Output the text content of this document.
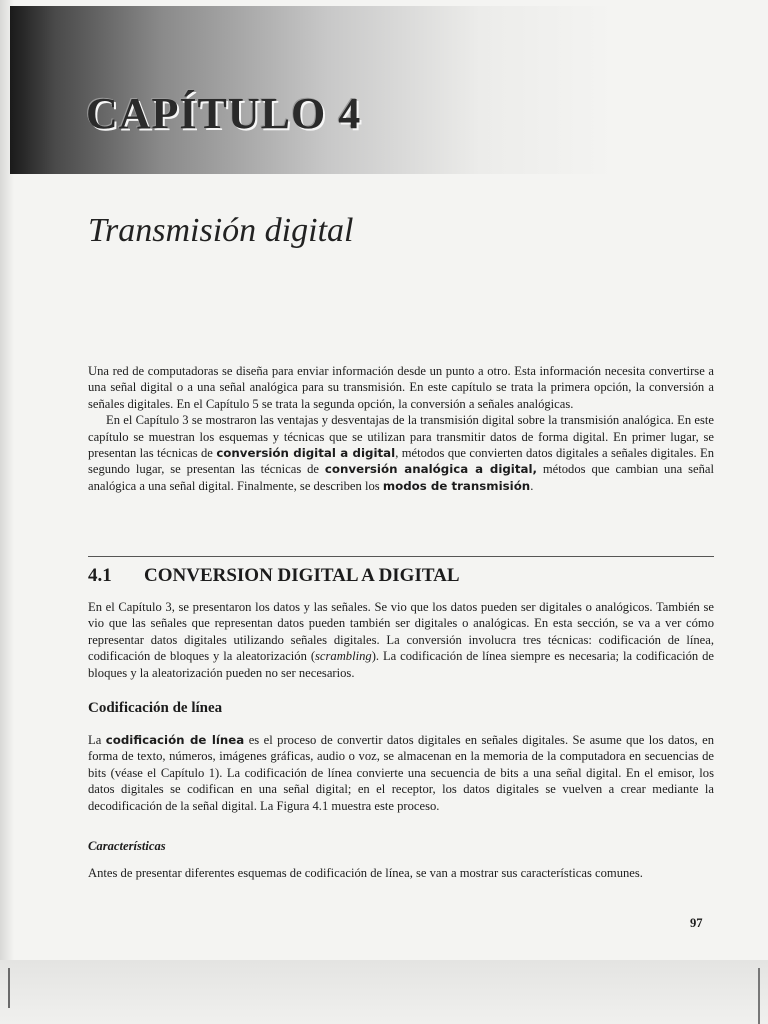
CAPÍTULO 4
Transmisión digital

Una red de computadoras se diseña para enviar información desde un punto a otro. Esta información necesita convertirse a una señal digital o a una señal analógica para su transmisión. En este capítulo se trata la primera opción, la conversión a señales digitales. En el Capítulo 5 se trata la segunda opción, la conversión a señales analógicas.

En el Capítulo 3 se mostraron las ventajas y desventajas de la transmisión digital sobre la transmisión analógica. En este capítulo se muestran los esquemas y técnicas que se utilizan para transmitir datos de forma digital. En primer lugar, se presentan las técnicas de conversión digital a digital, métodos que convierten datos digitales a señales digitales. En segundo lugar, se presentan las técnicas de conversión analógica a digital, métodos que cambian una señal analógica a una señal digital. Finalmente, se describen los modos de transmisión.

4.1 CONVERSION DIGITAL A DIGITAL

En el Capítulo 3, se presentaron los datos y las señales. Se vio que los datos pueden ser digitales o analógicos. También se vio que las señales que representan datos pueden también ser digitales o analógicas. En esta sección, se va a ver cómo representar datos digitales utilizando señales digitales. La conversión involucra tres técnicas: codificación de línea, codificación de bloques y la aleatorización (scrambling). La codificación de línea siempre es necesaria; la codificación de bloques y la aleatorización pueden no ser necesarios.

Codificación de línea

La codificación de línea es el proceso de convertir datos digitales en señales digitales. Se asume que los datos, en forma de texto, números, imágenes gráficas, audio o voz, se almacenan en la memoria de la computadora en secuencias de bits (véase el Capítulo 1). La codificación de línea convierte una secuencia de bits a una señal digital. En el emisor, los datos digitales se codifican en una señal digital; en el receptor, los datos digitales se vuelven a crear mediante la decodificación de la señal digital. La Figura 4.1 muestra este proceso.

Características

Antes de presentar diferentes esquemas de codificación de línea, se van a mostrar sus características comunes.

97
